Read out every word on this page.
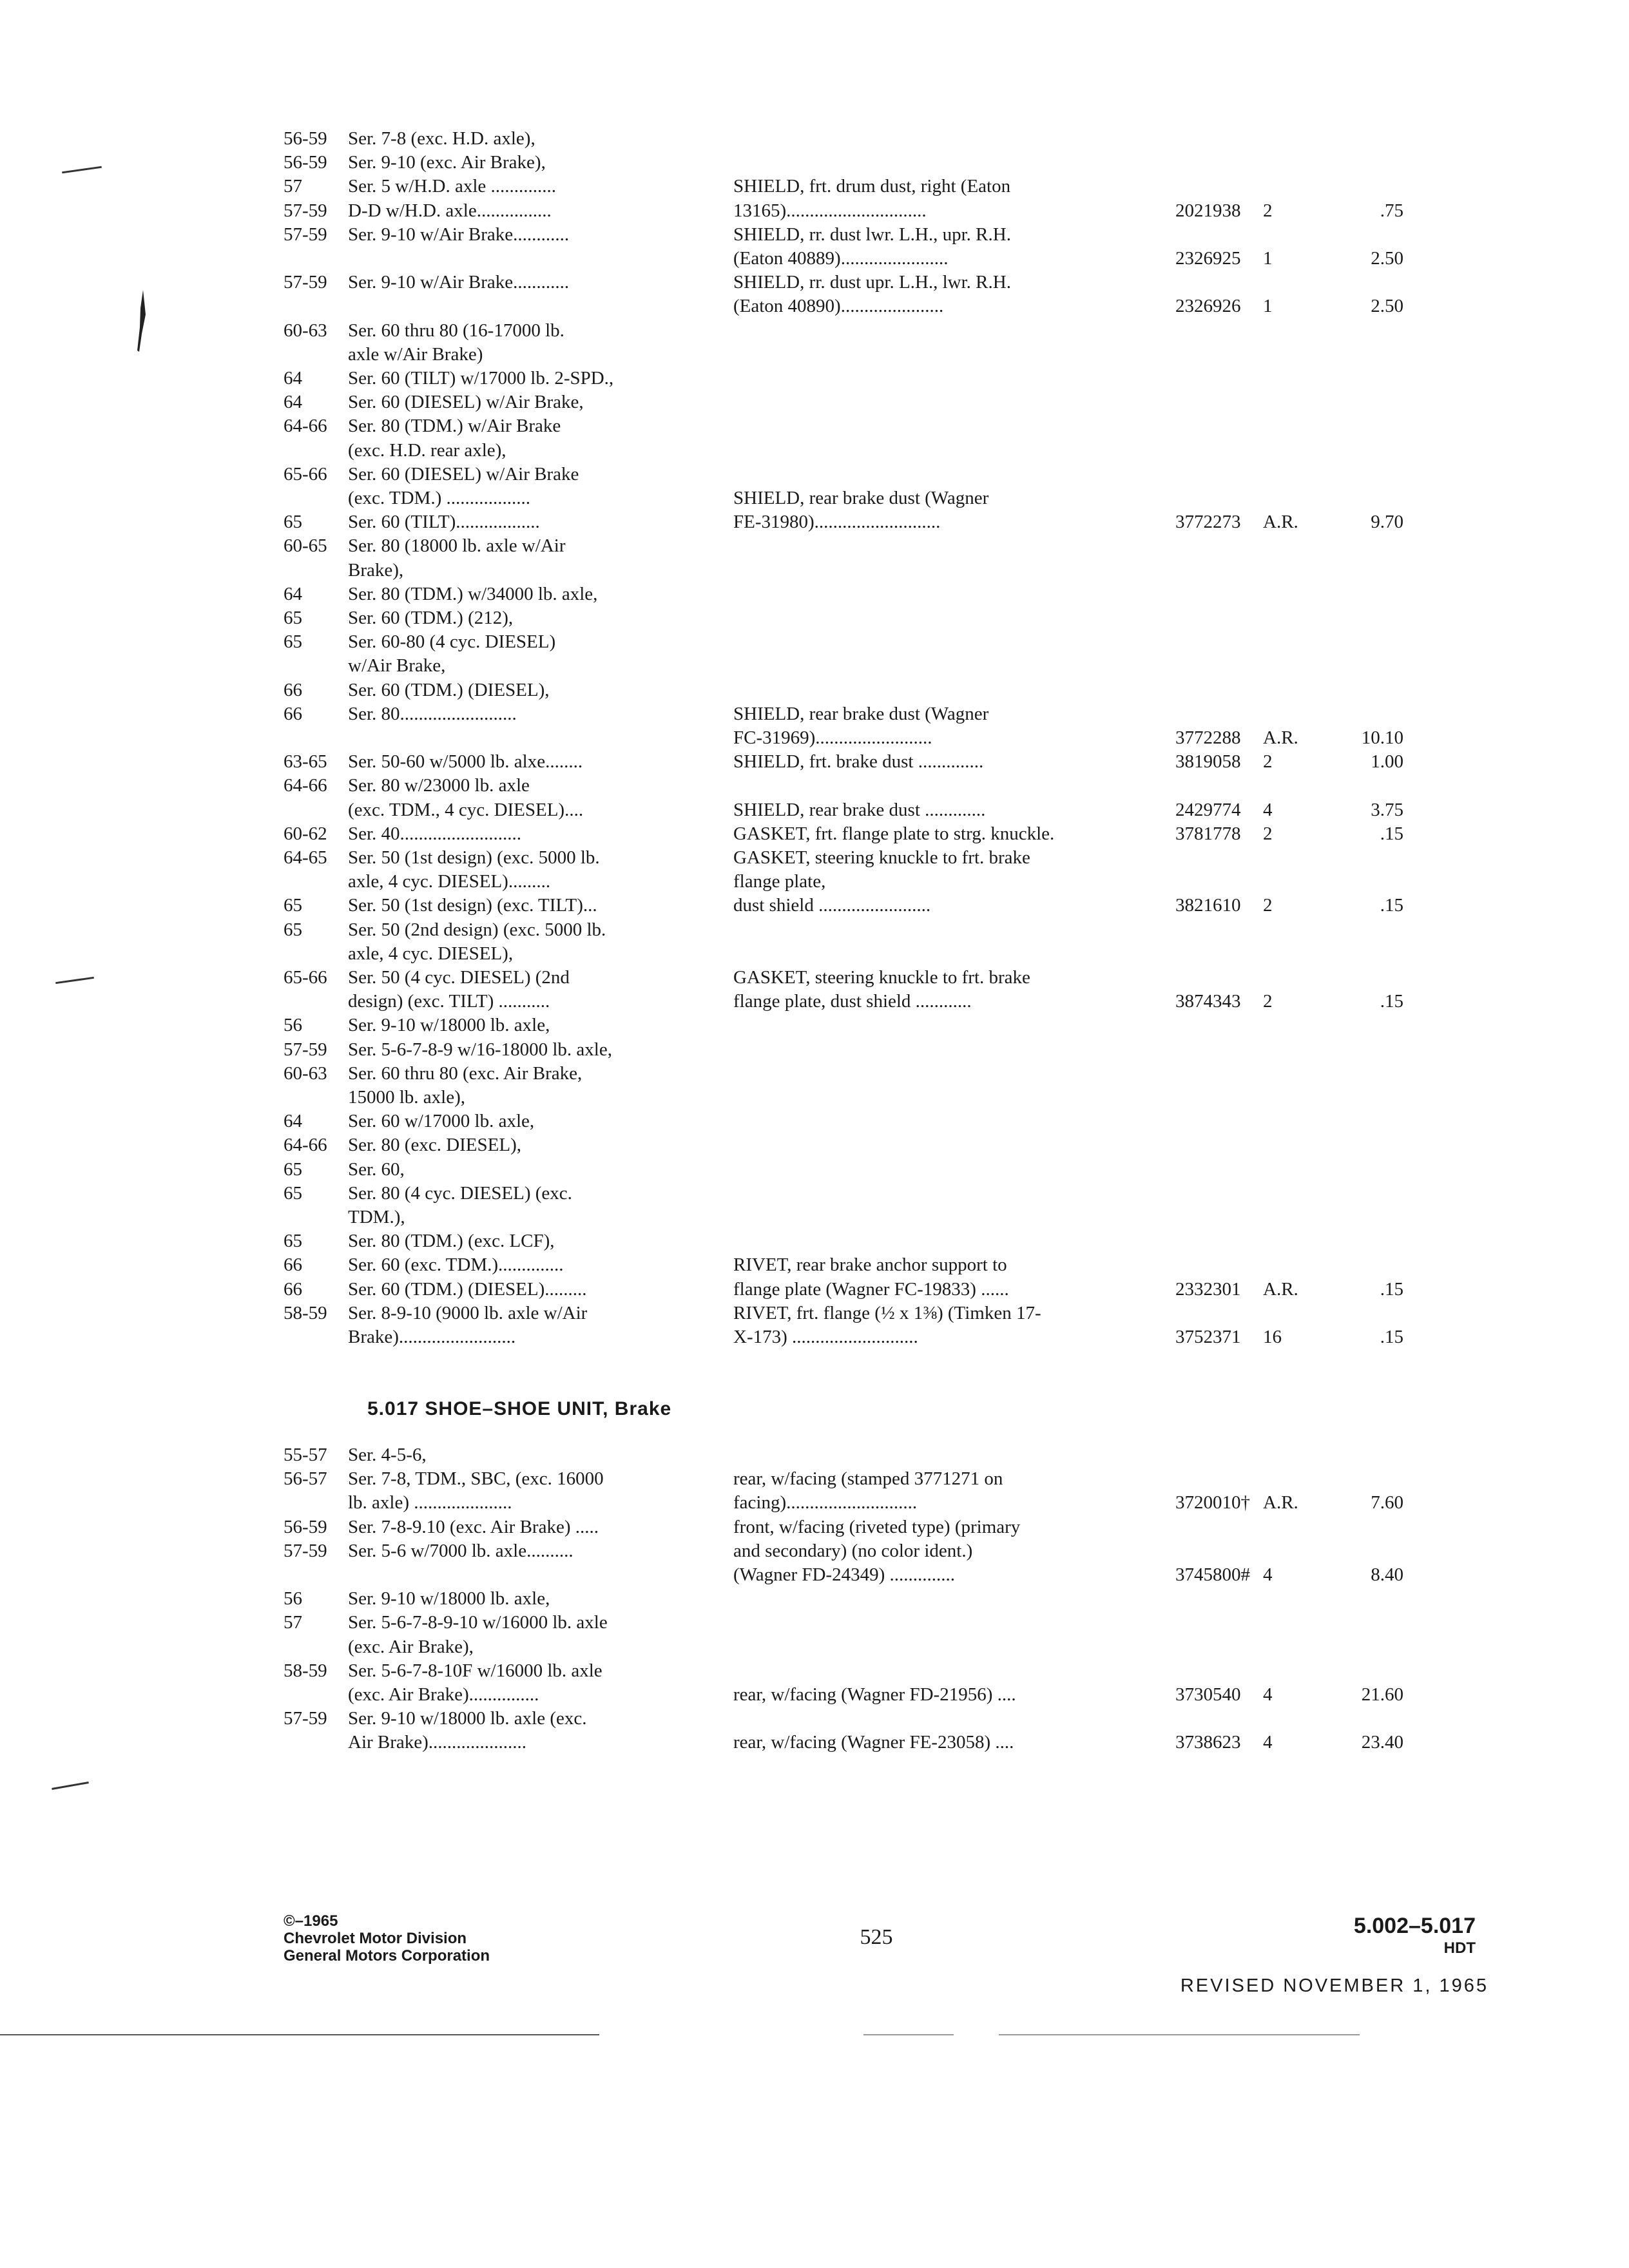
56-59 Ser. 7-8 (exc. H.D. axle),
56-59 Ser. 9-10 (exc. Air Brake),
57 Ser. 5 w/H.D. axle ..............	SHIELD, frt. drum dust, right (Eaton
57-59 D-D w/H.D. axle................	13165)..............................	2021938 2	.75
57-59 Ser. 9-10 w/Air Brake............	SHIELD, rr. dust lwr. L.H., upr. R.H.
(Eaton 40889).......................	2326925 1	2.50
57-59 Ser. 9-10 w/Air Brake............	SHIELD, rr. dust upr. L.H., lwr. R.H.
(Eaton 40890)......................	2326926 1	2.50
60-63 Ser. 60 thru 80 (16-17000 lb.
axle w/Air Brake)
64 Ser. 60 (TILT) w/17000 lb. 2-SPD.,
64 Ser. 60 (DIESEL) w/Air Brake,
64-66 Ser. 80 (TDM.) w/Air Brake
(exc. H.D. rear axle),
65-66 Ser. 60 (DIESEL) w/Air Brake
(exc. TDM.) ..................	SHIELD, rear brake dust (Wagner
65 Ser. 60 (TILT)..................	FE-31980)...........................	3772273 A.R.	9.70
60-65 Ser. 80 (18000 lb. axle w/Air
Brake),
64 Ser. 80 (TDM.) w/34000 lb. axle,
65 Ser. 60 (TDM.) (212),
65 Ser. 60-80 (4 cyc. DIESEL)
w/Air Brake,
66 Ser. 60 (TDM.) (DIESEL),
66 Ser. 80.........................	SHIELD, rear brake dust (Wagner
FC-31969).........................	3772288 A.R.	10.10
63-65 Ser. 50-60 w/5000 lb. alxe........	SHIELD, frt. brake dust ..............	3819058 2	1.00
64-66 Ser. 80 w/23000 lb. axle
(exc. TDM., 4 cyc. DIESEL)....	SHIELD, rear brake dust .............	2429774 4	3.75
60-62 Ser. 40..........................	GASKET, frt. flange plate to strg. knuckle.	3781778 2	.15
64-65 Ser. 50 (1st design) (exc. 5000 lb.	GASKET, steering knuckle to frt. brake
axle, 4 cyc. DIESEL).........	flange plate,
65 Ser. 50 (1st design) (exc. TILT)...	dust shield ........................	3821610 2	.15
65 Ser. 50 (2nd design) (exc. 5000 lb.
axle, 4 cyc. DIESEL),
65-66 Ser. 50 (4 cyc. DIESEL) (2nd	GASKET, steering knuckle to frt. brake
design) (exc. TILT) ...........	flange plate, dust shield ............	3874343 2	.15
56 Ser. 9-10 w/18000 lb. axle,
57-59 Ser. 5-6-7-8-9 w/16-18000 lb. axle,
60-63 Ser. 60 thru 80 (exc. Air Brake,
15000 lb. axle),
64 Ser. 60 w/17000 lb. axle,
64-66 Ser. 80 (exc. DIESEL),
65 Ser. 60,
65 Ser. 80 (4 cyc. DIESEL) (exc.
TDM.),
65 Ser. 80 (TDM.) (exc. LCF),
66 Ser. 60 (exc. TDM.)..............	RIVET, rear brake anchor support to
66 Ser. 60 (TDM.) (DIESEL).........	flange plate (Wagner FC-19833) ......	2332301 A.R.	.15
58-59 Ser. 8-9-10 (9000 lb. axle w/Air	RIVET, frt. flange (½ x 1⅜) (Timken 17-
Brake).........................	X-173) ...........................	3752371 16	.15
55-57 Ser. 4-5-6,
56-57 Ser. 7-8, TDM., SBC, (exc. 16000	rear, w/facing (stamped 3771271 on
lb. axle) .....................	facing)............................	3720010† A.R.	7.60
56-59 Ser. 7-8-9.10 (exc. Air Brake) .....	front, w/facing (riveted type) (primary
57-59 Ser. 5-6 w/7000 lb. axle..........	and secondary) (no color ident.)
(Wagner FD-24349) ..............	3745800# 4	8.40
56 Ser. 9-10 w/18000 lb. axle,
57 Ser. 5-6-7-8-9-10 w/16000 lb. axle
(exc. Air Brake),
58-59 Ser. 5-6-7-8-10F w/16000 lb. axle
(exc. Air Brake)...............	rear, w/facing (Wagner FD-21956) ....	3730540 4	21.60
57-59 Ser. 9-10 w/18000 lb. axle (exc.
Air Brake).....................	rear, w/facing (Wagner FE-23058) ....	3738623 4	23.40
5.017 SHOE–SHOE UNIT, Brake
©–1965
Chevrolet Motor Division
General Motors Corporation
525	5.002–5.017
HDT
REVISED NOVEMBER 1, 1965
